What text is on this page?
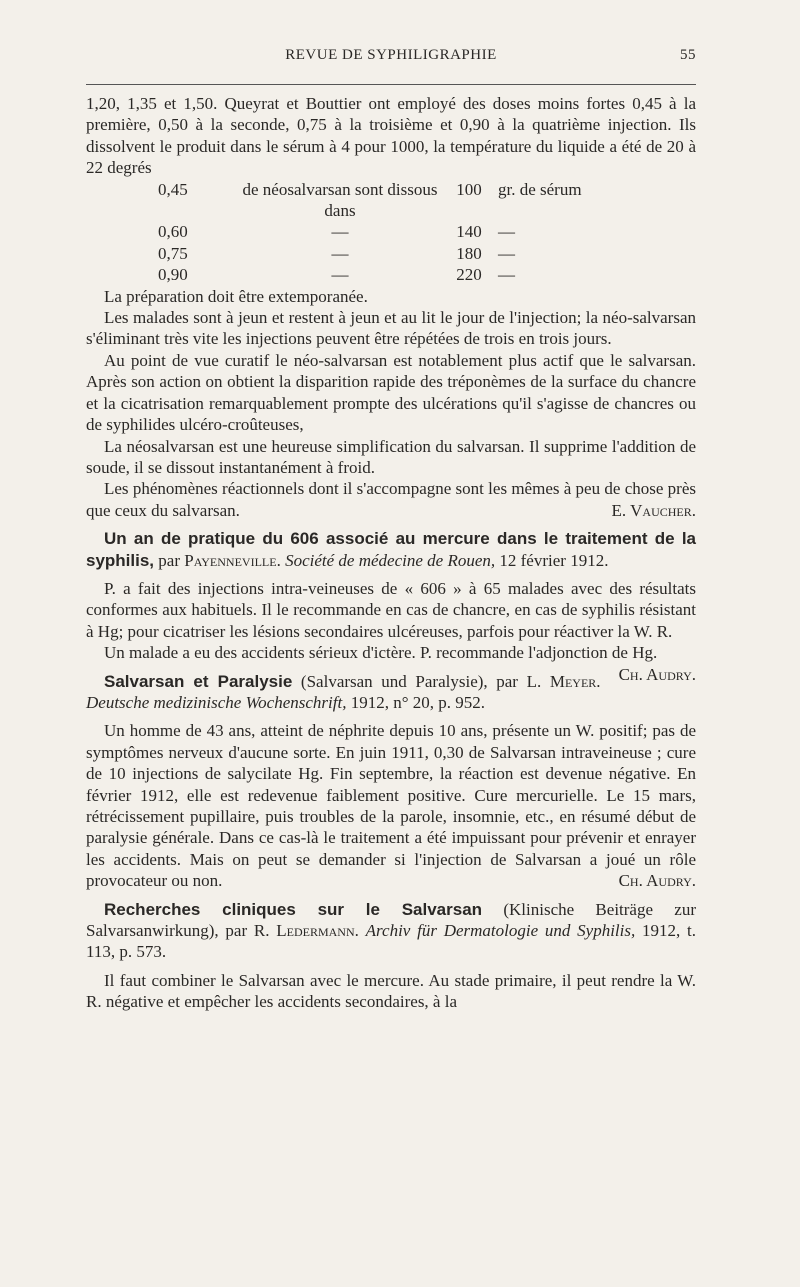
REVUE DE SYPHILIGRAPHIE	55

1,20, 1,35 et 1,50. Queyrat et Bouttier ont employé des doses moins fortes 0,45 à la première, 0,50 à la seconde, 0,75 à la troisième et 0,90 à la quatrième injection. Ils dissolvent le produit dans le sérum à 4 pour 1000, la température du liquide a été de 20 à 22 degrés

0,45	de néosalvarsan sont dissous dans	100	gr. de sérum
0,60	—	140	—
0,75	—	180	—
0,90	—	220	—

La préparation doit être extemporanée.

Les malades sont à jeun et restent à jeun et au lit le jour de l'injection; la néo-salvarsan s'éliminant très vite les injections peuvent être répétées de trois en trois jours.

Au point de vue curatif le néo-salvarsan est notablement plus actif que le salvarsan. Après son action on obtient la disparition rapide des tréponèmes de la surface du chancre et la cicatrisation remarquablement prompte des ulcérations qu'il s'agisse de chancres ou de syphilides ulcéro-croûteuses,

La néosalvarsan est une heureuse simplification du salvarsan. Il supprime l'addition de soude, il se dissout instantanément à froid.

Les phénomènes réactionnels dont il s'accompagne sont les mêmes à peu de chose près que ceux du salvarsan.	E. Vaucher.

Un an de pratique du 606 associé au mercure dans le traitement de la syphilis, par Payenneville. Société de médecine de Rouen, 12 février 1912.

P. a fait des injections intra-veineuses de « 606 » à 65 malades avec des résultats conformes aux habituels. Il le recommande en cas de chancre, en cas de syphilis résistant à Hg; pour cicatriser les lésions secondaires ulcéreuses, parfois pour réactiver la W. R.

Un malade a eu des accidents sérieux d'ictère. P. recommande l'adjonction de Hg.
Ch. Audry.

Salvarsan et Paralysie (Salvarsan und Paralysie), par L. Meyer. Deutsche medizinische Wochenschrift, 1912, n° 20, p. 952.

Un homme de 43 ans, atteint de néphrite depuis 10 ans, présente un W. positif; pas de symptômes nerveux d'aucune sorte. En juin 1911, 0,30 de Salvarsan intraveineuse ; cure de 10 injections de salycilate Hg. Fin septembre, la réaction est devenue négative. En février 1912, elle est redevenue faiblement positive. Cure mercurielle. Le 15 mars, rétrécissement pupillaire, puis troubles de la parole, insomnie, etc., en résumé début de paralysie générale. Dans ce cas-là le traitement a été impuissant pour prévenir et enrayer les accidents. Mais on peut se demander si l'injection de Salvarsan a joué un rôle provocateur ou non.	Ch. Audry.

Recherches cliniques sur le Salvarsan (Klinische Beiträge zur Salvarsanwirkung), par R. Ledermann. Archiv für Dermatologie und Syphilis, 1912, t. 113, p. 573.

Il faut combiner le Salvarsan avec le mercure. Au stade primaire, il peut rendre la W. R. négative et empêcher les accidents secondaires, à la
